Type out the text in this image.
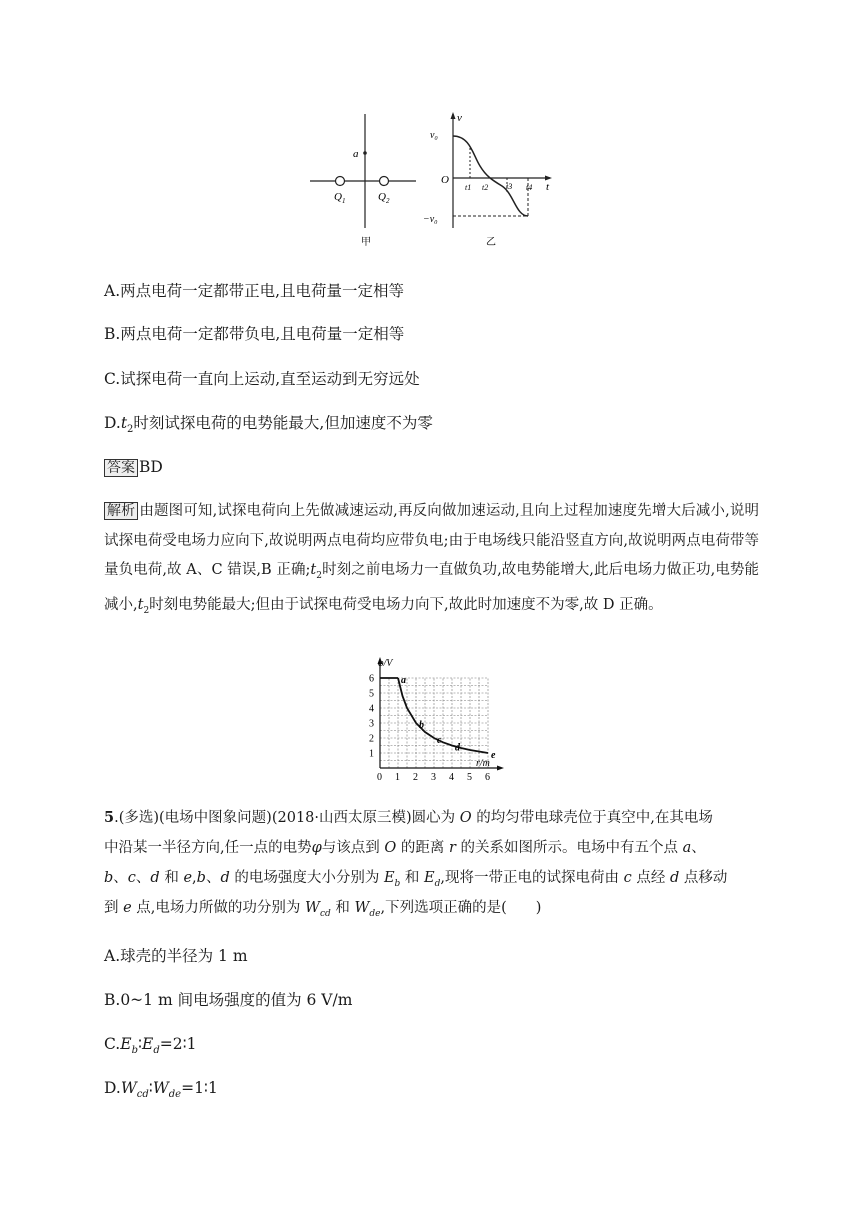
a
$Q_1$	$Q_2$
甲
v
$v_0$
O
t
$-v_0$
t1 t2 t3 t4
乙
A.两点电荷一定都带正电,且电荷量一定相等
B.两点电荷一定都带负电,且电荷量一定相等
C.试探电荷一直向上运动,直至运动到无穷远处
$D.t_2$时刻试探电荷的电势能最大,但加速度不为零
答案 BD
解析 由题图可知,试探电荷向上先做减速运动,再反向做加速运动,且向上过程加速度先增大后减小,说明试探电荷受电场力应向下,故说明两点电荷均应带负电;由于电场线只能沿竖直方向,故说明两点电荷带等量负电荷,故 A、C 错误,B 正确$;t_2$时刻之前电场力一直做负功,故电势能增大,此后电场力做正功,电势能减小$,t_2$时刻电势能最大;但由于试探电荷受电场力向下,故此时加速度不为零,故 D 正确。
0 1 2 3 4 5 6
1
2
3
4
5
6
φ/V
r/m
a
b
c
d
e
5.(多选)(电场中图象问题)(2018·山西太原三模)圆心为 O 的均匀带电球壳位于真空中,在其电场
中沿某一半径方向,任一点的电势φ与该点到 O 的距离 r 的关系如图所示。电场中有五个点 a、
b、c、d 和 e,b、d 的电场强度大小分别为 $E_b$ 和 $E_d$,现将一带正电的试探电荷由 c 点经 d 点移动
到 e 点,电场力所做的功分别为 $W_{cd}$ 和 $W_{de}$,下列选项正确的是(　　)
A.球壳的半径为 1 m
B.0~1 m 间电场强度的值为 6 V/m
$C.E_b∶E_d=2∶1$
$D.W_{cd}∶W_{de}=1∶1$
